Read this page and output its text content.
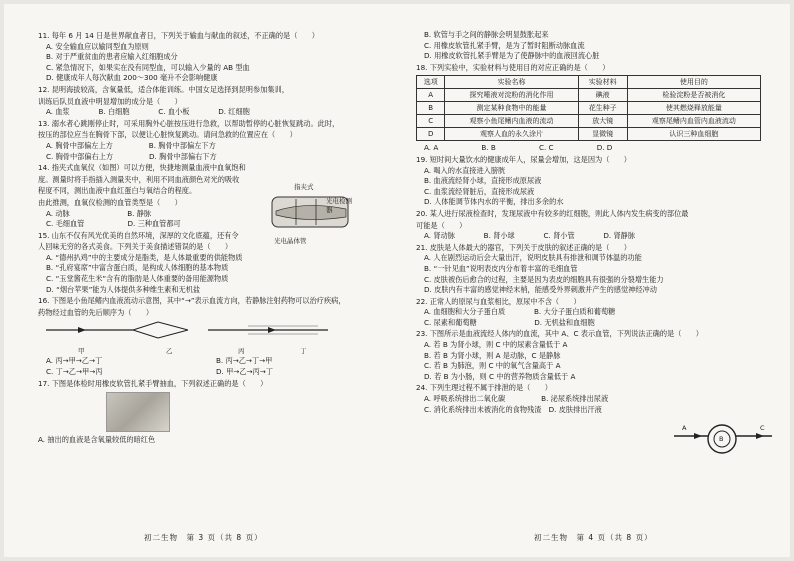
11. 每年 6 月 14 日是世界献血者日，下列关于输血与献血的叙述，不正确的是（　　）
A. 安全输血应以输同型血为原则
B. 对于严重贫血的患者应输入红细胞成分
C. 紧急情况下，如果实在没有同型血，可以输入少量的 AB 型血
D. 健康成年人每次献血 200～300 毫升不会影响健康
12. 昆明海拔较高，含氧量低，适合体能训练。中国女足选择到昆明参加集训，
训练后队员血液中明显增加的成分是（　　）
A. 血浆　　　　B. 白细胞　　　　C. 血小板　　　　D. 红细胞
13. 溺水者心跳刚停止时，可采用胸外心脏按压进行急救，以帮助暂停的心脏恢复跳动。此时，
按压的部位应当在胸骨下部，以便让心脏恢复跳动。请问急救的位置应在（　　）
A. 胸骨中部偏左上方　　　　　B. 胸骨中部偏左下方
C. 胸骨中部偏右上方　　　　　D. 胸骨中部偏右下方
14. 指夹式血氧仪（如图）可以方便，快捷地测量血液中血氧饱和
度。测量时将手指插入测量夹中，利用不同血液颜色对光的吸收
程度不同，测出血液中血红蛋白与氧结合的程度。
由此推测，血氧仪检测的血管类型是（　　）
A. 动脉　　　　　　　　B. 静脉
C. 毛细血管　　　　　　D. 三种血管都可
15. 山东不仅有风光优美的自然环境，深厚的文化底蕴，还有令
人回味无穷的各式美食。下列关于美食描述错误的是（　　）
A. “德州扒鸡”中的主要成分是脂类，是人体最重要的供能物质
B. “孔府宴席”中富含蛋白质，是构成人体细胞的基本物质
C. “玉堂酱花生米”含有的脂肪是人体重要的备用能源物质
D. “烟台苹果”能为人体提供多种维生素和无机盐
16. 下图是小鱼尾鳍内血液流动示意图，其中“→”表示血流方向，若静脉注射药物可以治疗疾病，
药物经过血管的先后顺序为（　　）
甲	乙	丙	丁
A. 丙→甲→乙→丁	B. 丙→乙→丁→甲
C. 丁→乙→甲→丙	D. 甲→乙→丙→丁
17. 下图是体检时用橡皮软管扎紧手臂抽血，下列叙述正确的是（　　）
A. 抽出的血液是含氧量较低的暗红色
指夹式
光电检测器
光电晶体管
初二生物　第 3 页（共 8 页）
B. 软管与手之间的静脉会明显鼓胀起来
C. 用橡皮软管扎紧手臂，是为了暂时阻断动脉血流
D. 用橡皮软管扎紧手臂是为了使静脉中的血液回流心脏
18. 下列实验中，实验材料与使用目的对应正确的是（　　）
选项	实验名称	实验材料	使用目的
A	探究唾液对淀粉的消化作用	碘液	检验淀粉是否被消化
B	测定某种食物中的能量	花生种子	使其燃烧释放能量
C	观察小鱼尾鳍内血液的流动	放大镜	观察尾鳍内血管内血液流动
D	观察人血的永久涂片	显微镜	认识三种血细胞
A. A　　　　　　B. B　　　　　　C. C　　　　　　D. D
19. 短时间大量饮水的健康成年人，尿量会增加，这是因为（　　）
A. 喝入的水直接进入膀胱
B. 血液流经肾小球，直接形成原尿液
C. 血浆流经肾脏后，直接形成尿液
D. 人体能调节体内水的平衡，排出多余的水
20. 某人进行尿液检查时，发现尿液中有较多的红细胞，则此人体内发生病变的部位最
可能是（　　）
A. 肾动脉　　　　B. 肾小球　　　　C. 肾小管　　　　D. 肾静脉
21. 皮肤是人体最大的器官，下列关于皮肤的叙述正确的是（　　）
A. 人在剧烈运动后会大量出汗，说明皮肤具有排泄和调节体温的功能
B. “一针见血”说明表皮内分布着丰富的毛细血管
C. 皮肤被伤后愈合的过程，主要是因为表皮的细胞具有很强的分裂增生能力
D. 皮肤内有丰富的感觉神经末梢，能感受外界刺激并产生的感觉神经冲动
22. 正常人的原尿与血浆相比，原尿中不含（　　）
A. 血细胞和大分子蛋白质　　　　B. 大分子蛋白质和葡萄糖
C. 尿素和葡萄糖　　　　　　　　D. 无机盐和血细胞
23. 下图所示是血液流经人体内的血流，其中 A、C 表示血管，下列说法正确的是（　　）
A. 若 B 为肾小球，则 C 中的尿素含量低于 A
B. 若 B 为肾小球，则 A 是动脉，C 是静脉
C. 若 B 为肺泡，则 C 中的氧气含量高于 A
D. 若 B 为小肠，则 C 中的营养物质含量低于 A
24. 下列生理过程不属于排泄的是（　　）
A. 呼吸系统排出二氧化碳　　　　　B. 泌尿系统排出尿液
C. 消化系统排出未被消化的食物残渣　D. 皮肤排出汗液
A
B
C
初二生物　第 4 页（共 8 页）
